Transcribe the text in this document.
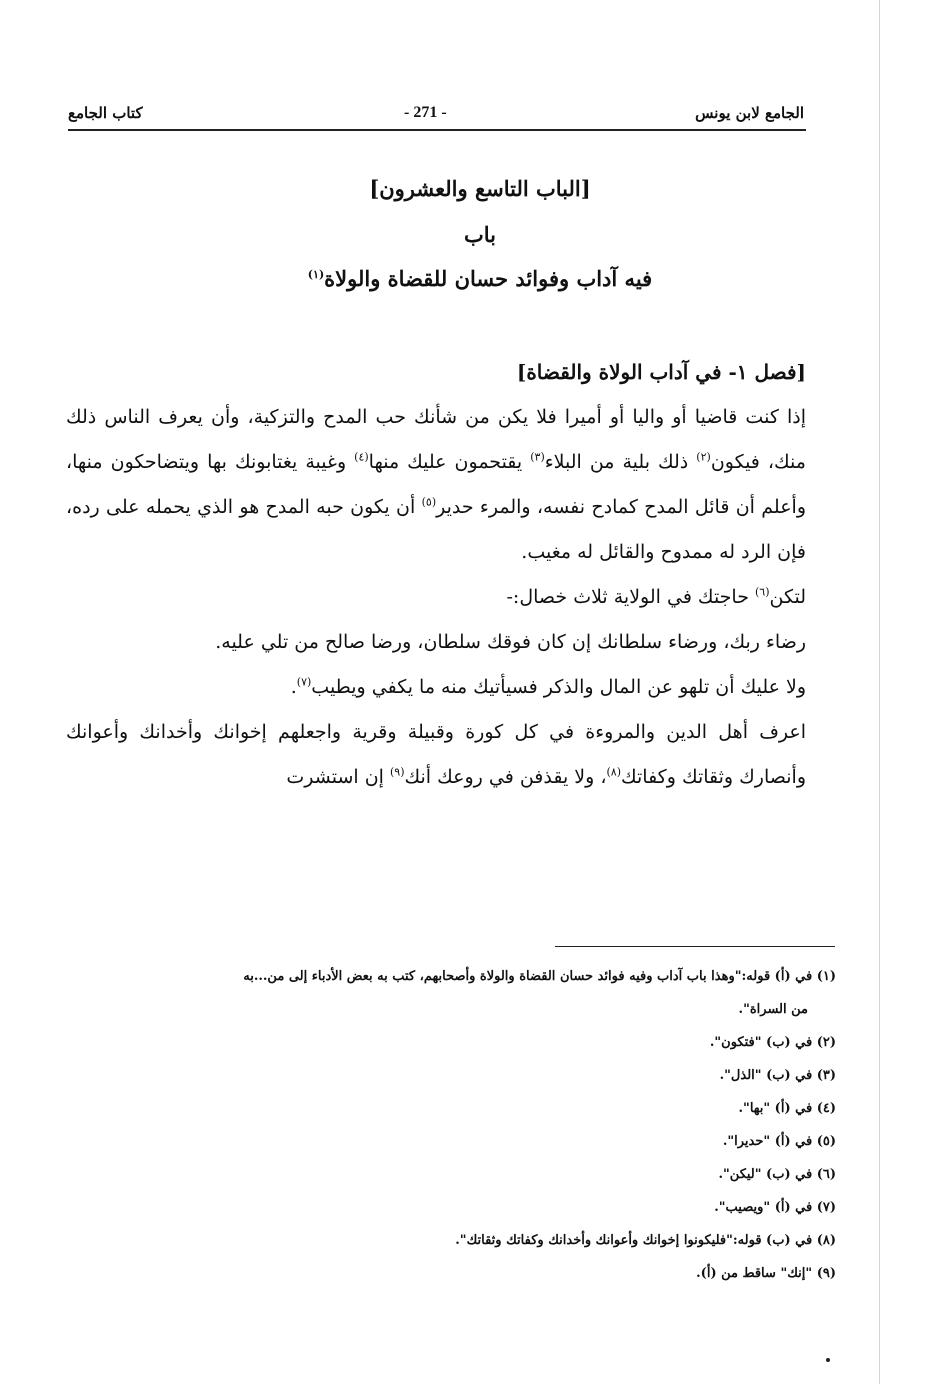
الجامع لابن يونس
- 271 -
كتاب الجامع
[الباب التاسع والعشرون]
باب
فيه آداب وفوائد حسان للقضاة والولاة$^{(١)}$

[فصل ١- في آداب الولاة والقضاة]

إذا كنت قاضيا أو واليا أو أميرا فلا يكن من شأنك حب المدح والتزكية، وأن يعرف الناس ذلك منك، فيكون$^{(٢)}$ ذلك بلية من البلاء$^{(٣)}$ يقتحمون عليك منها$^{(٤)}$ وغيبة يغتابونك بها ويتضاحكون منها، وأعلم أن قائل المدح كمادح نفسه، والمرء حدير$^{(٥)}$ أن يكون حبه المدح هو الذي يحمله على رده، فإن الرد له ممدوح والقائل له مغيب.

لتكن$^{(٦)}$ حاجتك في الولاية ثلاث خصال:-

رضاء ربك، ورضاء سلطانك إن كان فوقك سلطان، ورضا صالح من تلي عليه.

ولا عليك أن تلهو عن المال والذكر فسيأتيك منه ما يكفي ويطيب$^{(٧)}$.

اعرف أهل الدين والمروءة في كل كورة وقبيلة وقرية واجعلهم إخوانك وأخدانك وأعوانك وأنصارك وثقاتك وكفاتك$^{(٨)}$، ولا يقذفن في روعك أنك$^{(٩)}$ إن استشرت

(١) في (أ) قوله:"وهذا باب آداب وفيه فوائد حسان القضاة والولاة وأصحابهم، كتب به بعض الأدباء إلى من...به

من السراة".

(٢) في (ب) "فتكون".

(٣) في (ب) "الذل".

(٤) في (أ) "بها".

(٥) في (أ) "حديرا".

(٦) في (ب) "ليكن".

(٧) في (أ) "ويصيب".

(٨) في (ب) قوله:"فليكونوا إخوانك وأعوانك وأخدانك وكفاتك وثقاتك".

(٩) "إنك" ساقط من (أ).
